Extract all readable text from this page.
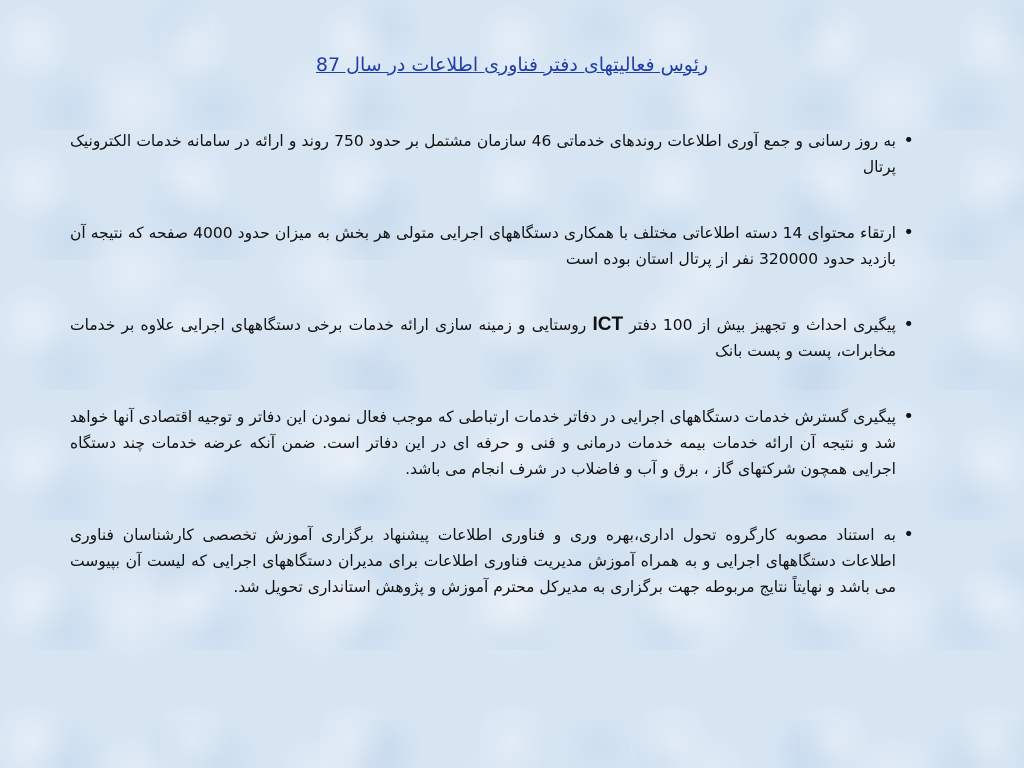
رئوس فعالیتهای دفتر فناوری اطلاعات در سال 87
•
به روز رسانی و جمع آوری اطلاعات روندهای خدماتی 46 سازمان مشتمل بر حدود 750 روند و ارائه در سامانه خدمات الکترونیک پرتال
•
ارتقاء محتوای 14 دسته اطلاعاتی مختلف با همکاری دستگاههای اجرایی متولی هر بخش به میزان حدود 4000 صفحه که نتیجه آن بازدید حدود 320000 نفر از پرتال استان بوده است
•
پیگیری احداث و تجهیز بیش از 100 دفتر ICT روستایی و زمینه سازی ارائه خدمات برخی دستگاههای اجرایی علاوه بر خدمات مخابرات، پست و پست بانک
•
پیگیری گسترش خدمات دستگاههای اجرایی در دفاتر خدمات ارتباطی که موجب فعال نمودن این دفاتر و توجیه اقتصادی آنها خواهد شد و نتیجه آن ارائه خدمات بیمه خدمات درمانی و فنی و حرفه ای در این دفاتر است. ضمن آنکه عرضه خدمات چند دستگاه اجرایی همچون شرکتهای گاز ، برق و آب و فاضلاب در شرف انجام می باشد.
•
به استناد مصوبه کارگروه تحول اداری،بهره وری و فناوری اطلاعات پیشنهاد برگزاری آموزش تخصصی کارشناسان فناوری اطلاعات دستگاههای اجرایی و به همراه آموزش مدیریت فناوری اطلاعات برای مدیران دستگاههای اجرایی که لیست آن بپیوست می باشد و نهایتاً نتایج مربوطه جهت برگزاری به مدیرکل محترم آموزش و پژوهش استانداری تحویل شد.
